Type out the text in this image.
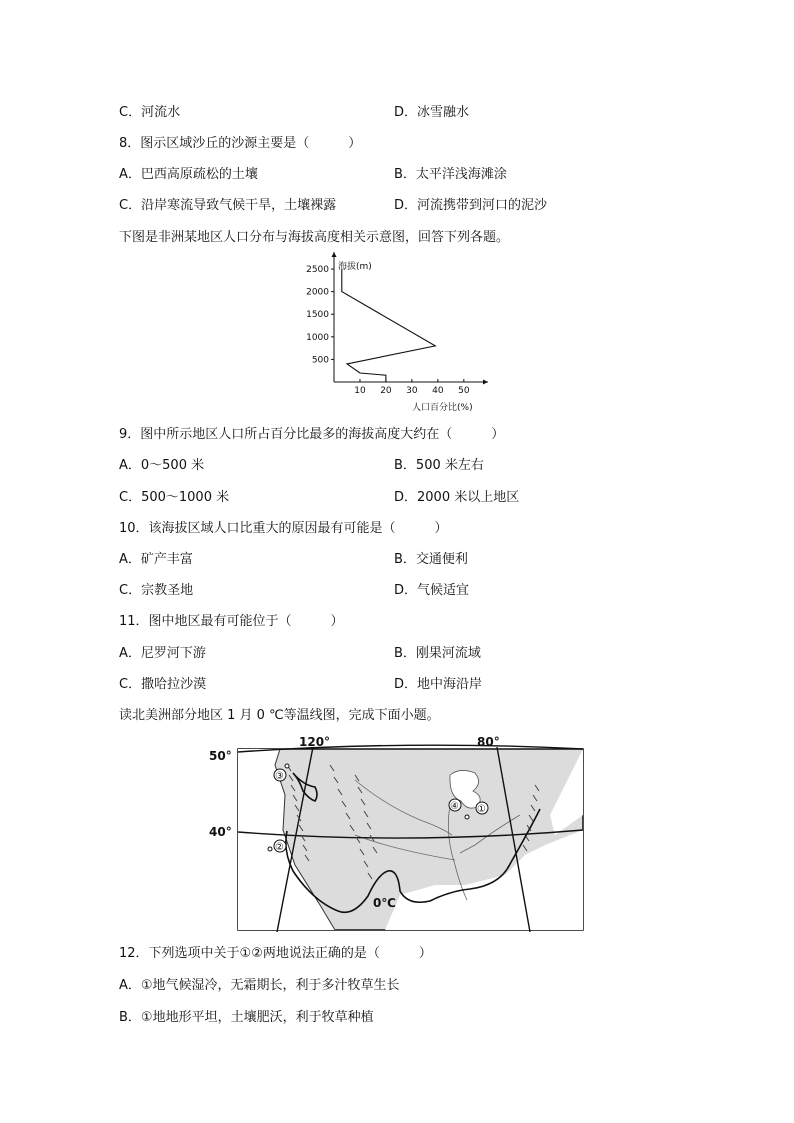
C．河流水	D．冰雪融水
8．图示区域沙丘的沙源主要是（　　　）
A．巴西高原疏松的土壤	B．太平洋浅海滩涂
C．沿岸寒流导致气候干旱，土壤裸露	D．河流携带到河口的泥沙
下图是非洲某地区人口分布与海拔高度相关示意图，回答下列各题。
500
1000
1500
2000
2500
10 20 30 40 50
海拔(m)
人口百分比(%)
9．图中所示地区人口所占百分比最多的海拔高度大约在（　　　）
A．0～500 米	B．500 米左右
C．500～1000 米	D．2000 米以上地区
10．该海拔区域人口比重大的原因最有可能是（　　　）
A．矿产丰富	B．交通便利
C．宗教圣地	D．气候适宜
11．图中地区最有可能位于（　　　）
A．尼罗河下游	B．刚果河流域
C．撒哈拉沙漠	D．地中海沿岸
读北美洲部分地区 1 月 0 ℃等温线图，完成下面小题。
0℃
50°
40°
120°	80°
③
②
④ ①
12．下列选项中关于①②两地说法正确的是（　　　）
A．①地气候湿冷，无霜期长，利于多汁牧草生长
B．①地地形平坦，土壤肥沃，利于牧草种植
